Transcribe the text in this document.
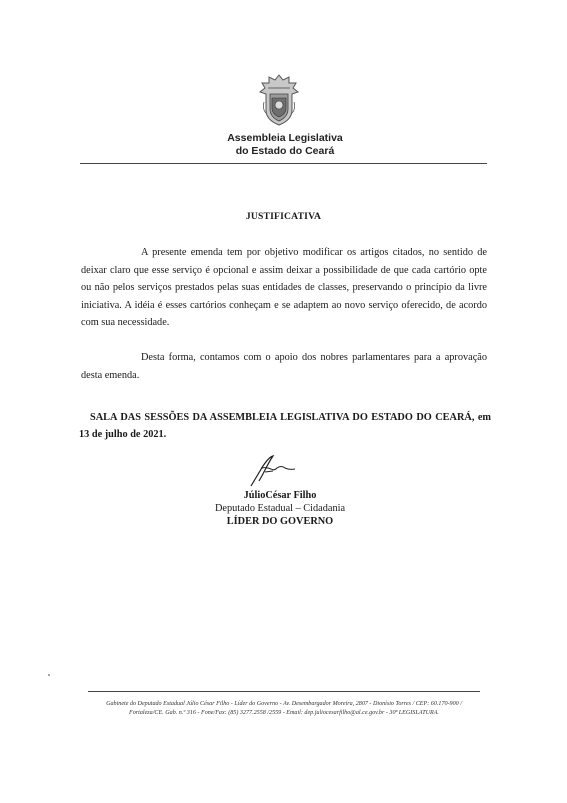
Assembleia Legislativa
do Estado do Ceará
JUSTIFICATIVA
A presente emenda tem por objetivo modificar os artigos citados, no sentido de deixar claro que esse serviço é opcional e assim deixar a possibilidade de que cada cartório opte ou não pelos serviços prestados pelas suas entidades de classes, preservando o princípio da livre iniciativa. A idéia é esses cartórios conheçam e se adaptem ao novo serviço oferecido, de acordo com sua necessidade.
Desta forma, contamos com o apoio dos nobres parlamentares para a aprovação desta emenda.
SALA DAS SESSÕES DA ASSEMBLEIA LEGISLATIVA DO ESTADO DO CEARÁ, em 13 de julho de 2021.
JúlioCésar Filho
Deputado Estadual – Cidadania
LÍDER DO GOVERNO
Gabinete do Deputado Estadual Júlio César Filho - Líder do Governo - Av. Desembargador Moreira, 2807 - Dionísio Torres / CEP: 60.170-900 /
Fortaleza/CE. Gab. n.º 316 - Fone/Fax: (85) 3277.2558 /2559 - Email: dep.juliocesarfilho@al.ce.gov.br - 30ª LEGISLATURA.
